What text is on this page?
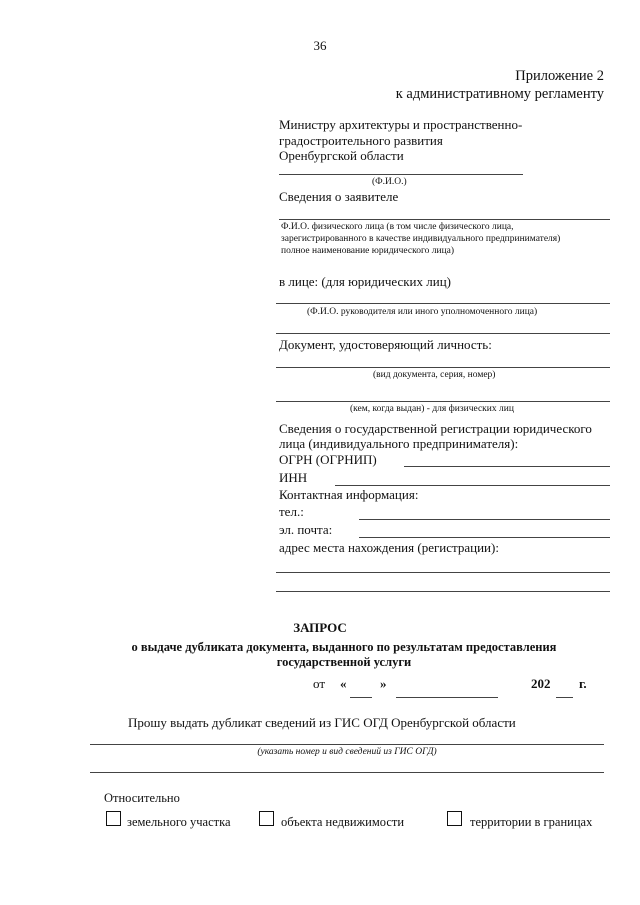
36
Приложение 2
к административному регламенту
Министру архитектуры и пространственно-
градостроительного развития
Оренбургской области
(Ф.И.О.)
Сведения о заявителе
Ф.И.О. физического лица (в том числе физического лица,
зарегистрированного в качестве индивидуального предпринимателя)
полное наименование юридического лица)
в лице: (для юридических лиц)
(Ф.И.О. руководителя или иного уполномоченного лица)
Документ, удостоверяющий личность:
(вид документа, серия, номер)
(кем, когда выдан) - для физических лиц
Сведения о государственной регистрации юридического
лица (индивидуального предпринимателя):
ОГРН (ОГРНИП)
ИНН
Контактная информация:
тел.:
эл. почта:
адрес места нахождения (регистрации):
ЗАПРОС
о выдаче дубликата документа, выданного по результатам предоставления
государственной услуги
от «	»	202 г.
Прошу выдать дубликат сведений из ГИС ОГД Оренбургской области
(указать номер и вид сведений из ГИС ОГД)
Относительно
земельного участка	объекта недвижимости	территории в границах
